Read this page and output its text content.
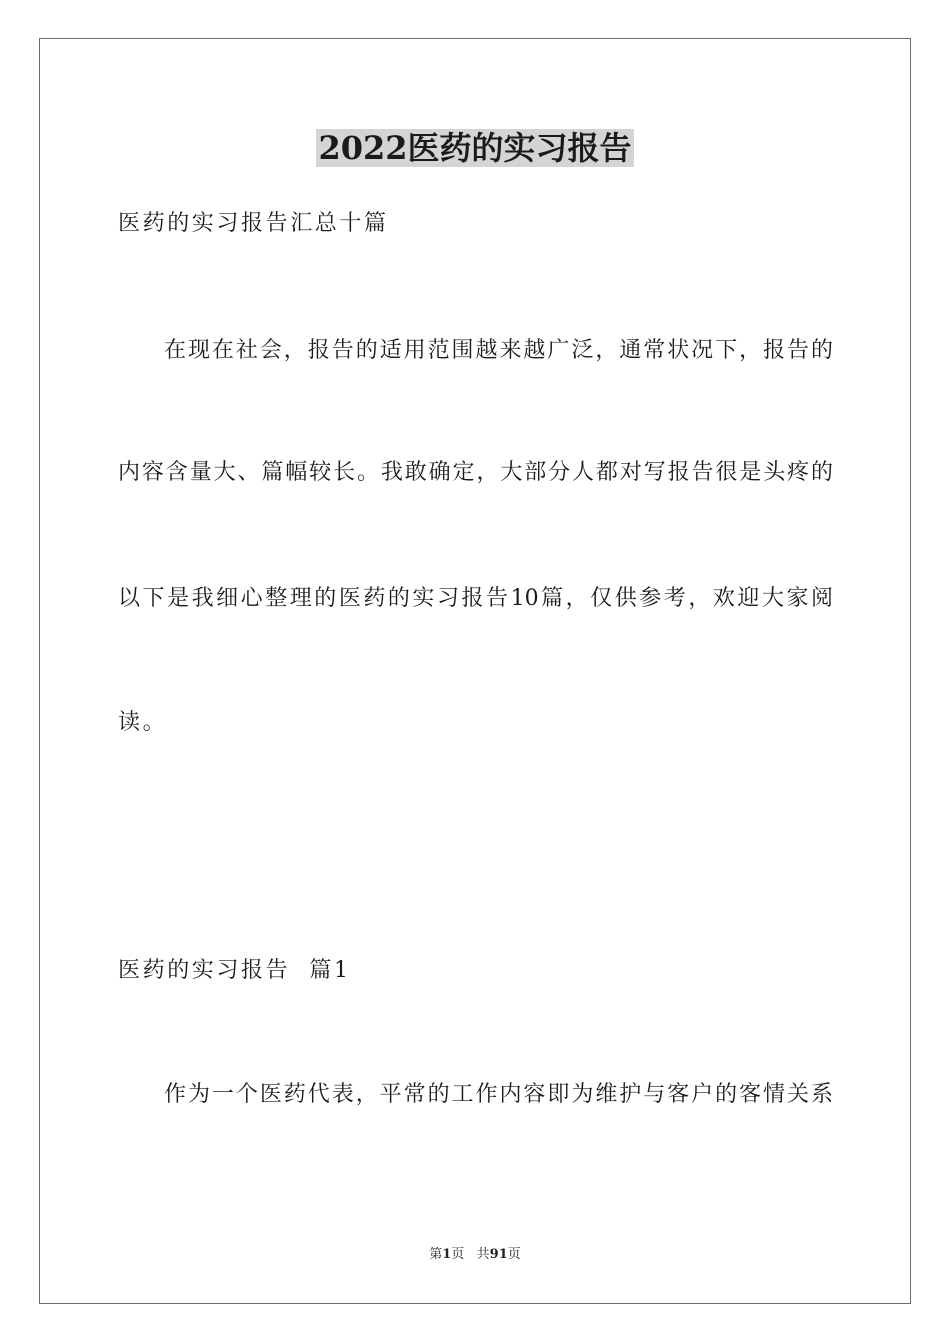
2022医药的实习报告
医药的实习报告汇总十篇
在现在社会，报告的适用范围越来越广泛，通常状况下，报告的
内容含量大、篇幅较长。我敢确定，大部分人都对写报告很是头疼的
以下是我细心整理的医药的实习报告10篇，仅供参考，欢迎大家阅
读。
医药的实习报告  篇1
作为一个医药代表，平常的工作内容即为维护与客户的客情关系
第1页   共91页
